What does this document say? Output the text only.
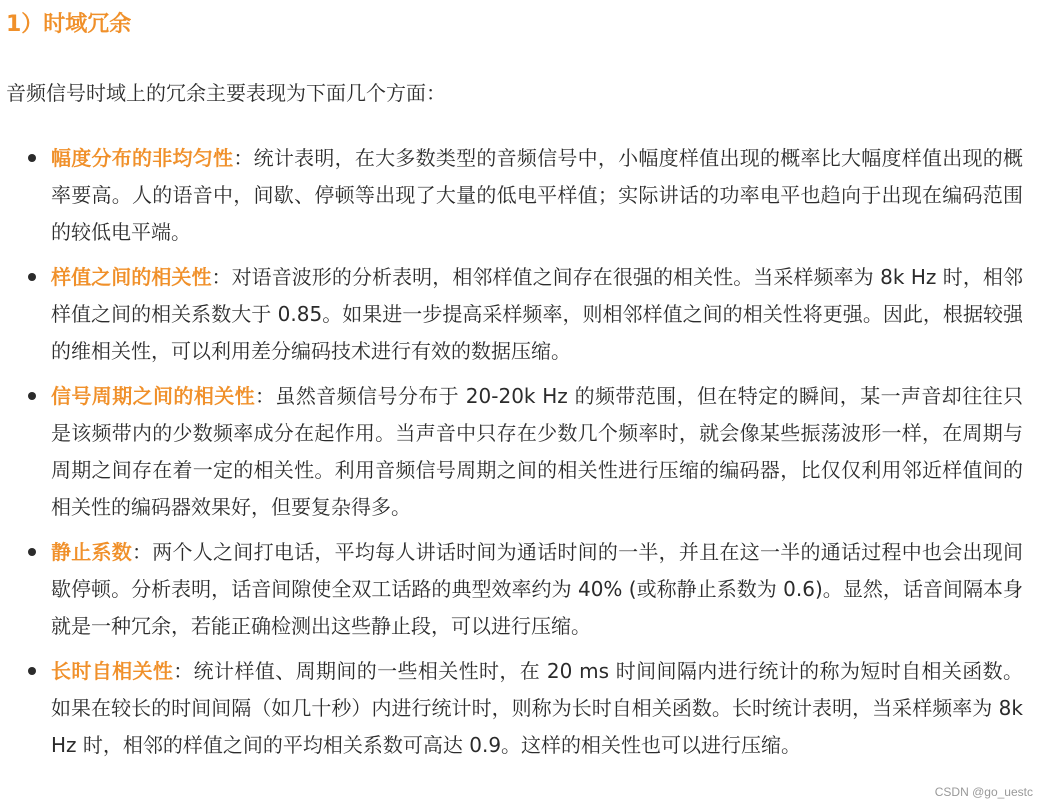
1）时域冗余
音频信号时域上的冗余主要表现为下面几个方面：
幅度分布的非均匀性：统计表明，在大多数类型的音频信号中，小幅度样值出现的概率比大幅度样值出现的概率要高。人的语音中，间歇、停顿等出现了大量的低电平样值；实际讲话的功率电平也趋向于出现在编码范围的较低电平端。
样值之间的相关性：对语音波形的分析表明，相邻样值之间存在很强的相关性。当采样频率为 8k Hz 时，相邻样值之间的相关系数大于 0.85。如果进一步提高采样频率，则相邻样值之间的相关性将更强。因此，根据较强的维相关性，可以利用差分编码技术进行有效的数据压缩。
信号周期之间的相关性：虽然音频信号分布于 20-20k Hz 的频带范围，但在特定的瞬间，某一声音却往往只是该频带内的少数频率成分在起作用。当声音中只存在少数几个频率时，就会像某些振荡波形一样，在周期与周期之间存在着一定的相关性。利用音频信号周期之间的相关性进行压缩的编码器，比仅仅利用邻近样值间的相关性的编码器效果好，但要复杂得多。
静止系数：两个人之间打电话，平均每人讲话时间为通话时间的一半，并且在这一半的通话过程中也会出现间歇停顿。分析表明，话音间隙使全双工话路的典型效率约为 40% (或称静止系数为 0.6)。显然，话音间隔本身就是一种冗余，若能正确检测出这些静止段，可以进行压缩。
长时自相关性：统计样值、周期间的一些相关性时，在 20 ms 时间间隔内进行统计的称为短时自相关函数。如果在较长的时间间隔（如几十秒）内进行统计时，则称为长时自相关函数。长时统计表明，当采样频率为 8k Hz 时，相邻的样值之间的平均相关系数可高达 0.9。这样的相关性也可以进行压缩。
CSDN @go_uestc
